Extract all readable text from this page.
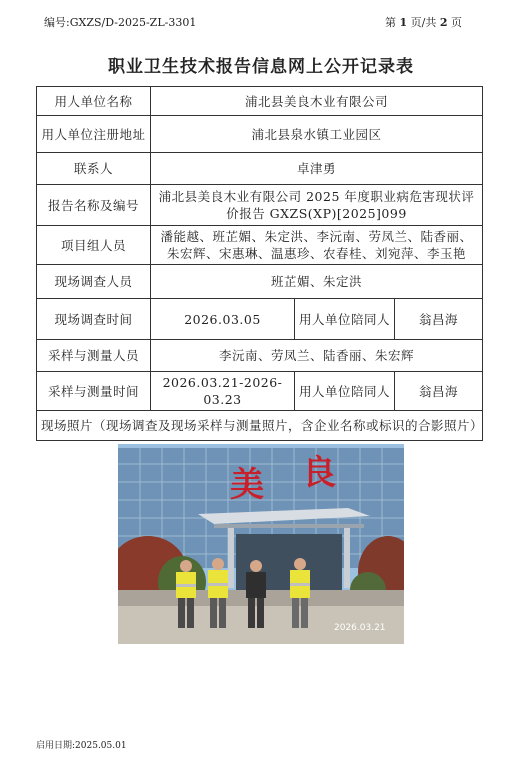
编号:GXZS/D-2025-ZL-3301	第 1 页/共 2 页
职业卫生技术报告信息网上公开记录表
用人单位名称	浦北县美良木业有限公司		
用人单位注册地址	浦北县泉水镇工业园区		
联系人	卓津勇		
报告名称及编号	浦北县美良木业有限公司 2025 年度职业病危害现状评价报告 GXZS(XP)[2025]099		
项目组人员	潘能越、班芷媚、朱定洪、李沅南、劳凤兰、陆香丽、朱宏辉、宋惠琳、温惠珍、农春桂、刘宛萍、李玉艳		
现场调查人员	班芷媚、朱定洪		
现场调查时间	2026.03.05	用人单位陪同人	翁昌海
采样与测量人员	李沅南、劳凤兰、陆香丽、朱宏辉		
采样与测量时间	2026.03.21-2026-03.23	用人单位陪同人	翁昌海
现场照片（现场调查及现场采样与测量照片，含企业名称或标识的合影照片）			
美 良
2026.03.21
启用日期:2025.05.01
